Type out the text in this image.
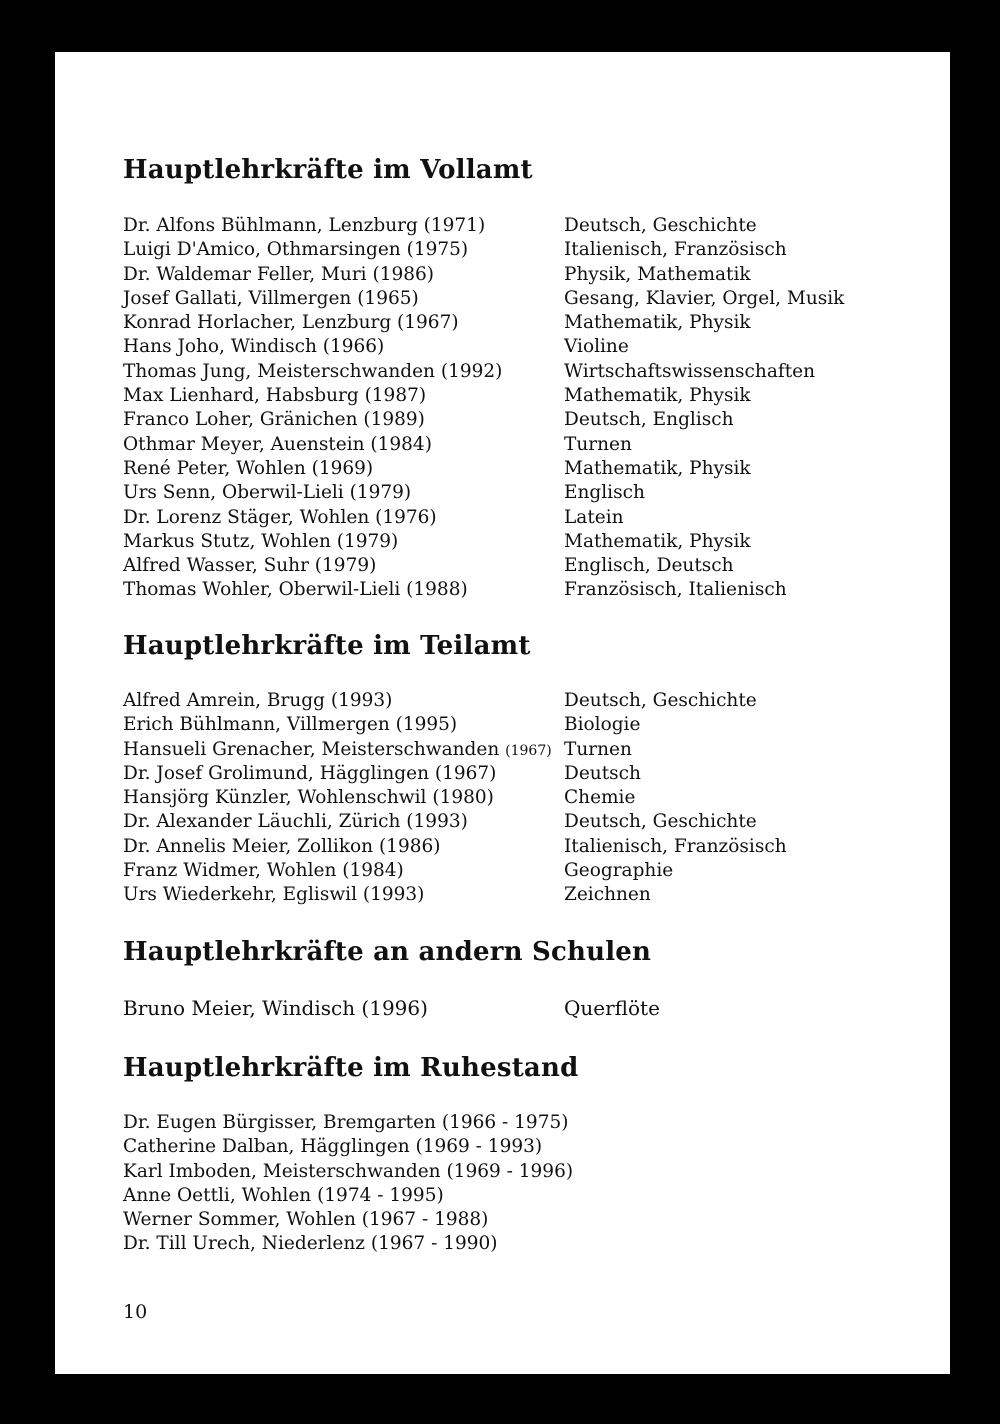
Hauptlehrkräfte im Vollamt
Dr. Alfons Bühlmann, Lenzburg (1971)	Deutsch, Geschichte
Luigi D'Amico, Othmarsingen (1975)	Italienisch, Französisch
Dr. Waldemar Feller, Muri (1986)	Physik, Mathematik
Josef Gallati, Villmergen (1965)	Gesang, Klavier, Orgel, Musik
Konrad Horlacher, Lenzburg (1967)	Mathematik, Physik
Hans Joho, Windisch (1966)	Violine
Thomas Jung, Meisterschwanden (1992)	Wirtschaftswissenschaften
Max Lienhard, Habsburg (1987)	Mathematik, Physik
Franco Loher, Gränichen (1989)	Deutsch, Englisch
Othmar Meyer, Auenstein (1984)	Turnen
René Peter, Wohlen (1969)	Mathematik, Physik
Urs Senn, Oberwil-Lieli (1979)	Englisch
Dr. Lorenz Stäger, Wohlen (1976)	Latein
Markus Stutz, Wohlen (1979)	Mathematik, Physik
Alfred Wasser, Suhr (1979)	Englisch, Deutsch
Thomas Wohler, Oberwil-Lieli (1988)	Französisch, Italienisch
Hauptlehrkräfte im Teilamt
Alfred Amrein, Brugg (1993)	Deutsch, Geschichte
Erich Bühlmann, Villmergen (1995)	Biologie
Hansueli Grenacher, Meisterschwanden (1967) Turnen
Dr. Josef Grolimund, Hägglingen (1967)	Deutsch
Hansjörg Künzler, Wohlenschwil (1980)	Chemie
Dr. Alexander Läuchli, Zürich (1993)	Deutsch, Geschichte
Dr. Annelis Meier, Zollikon (1986)	Italienisch, Französisch
Franz Widmer, Wohlen (1984)	Geographie
Urs Wiederkehr, Egliswil (1993)	Zeichnen
Hauptlehrkräfte an andern Schulen
Bruno Meier, Windisch (1996)	Querflöte
Hauptlehrkräfte im Ruhestand
Dr. Eugen Bürgisser, Bremgarten (1966 - 1975)
Catherine Dalban, Hägglingen (1969 - 1993)
Karl Imboden, Meisterschwanden (1969 - 1996)
Anne Oettli, Wohlen (1974 - 1995)
Werner Sommer, Wohlen (1967 - 1988)
Dr. Till Urech, Niederlenz (1967 - 1990)
10
